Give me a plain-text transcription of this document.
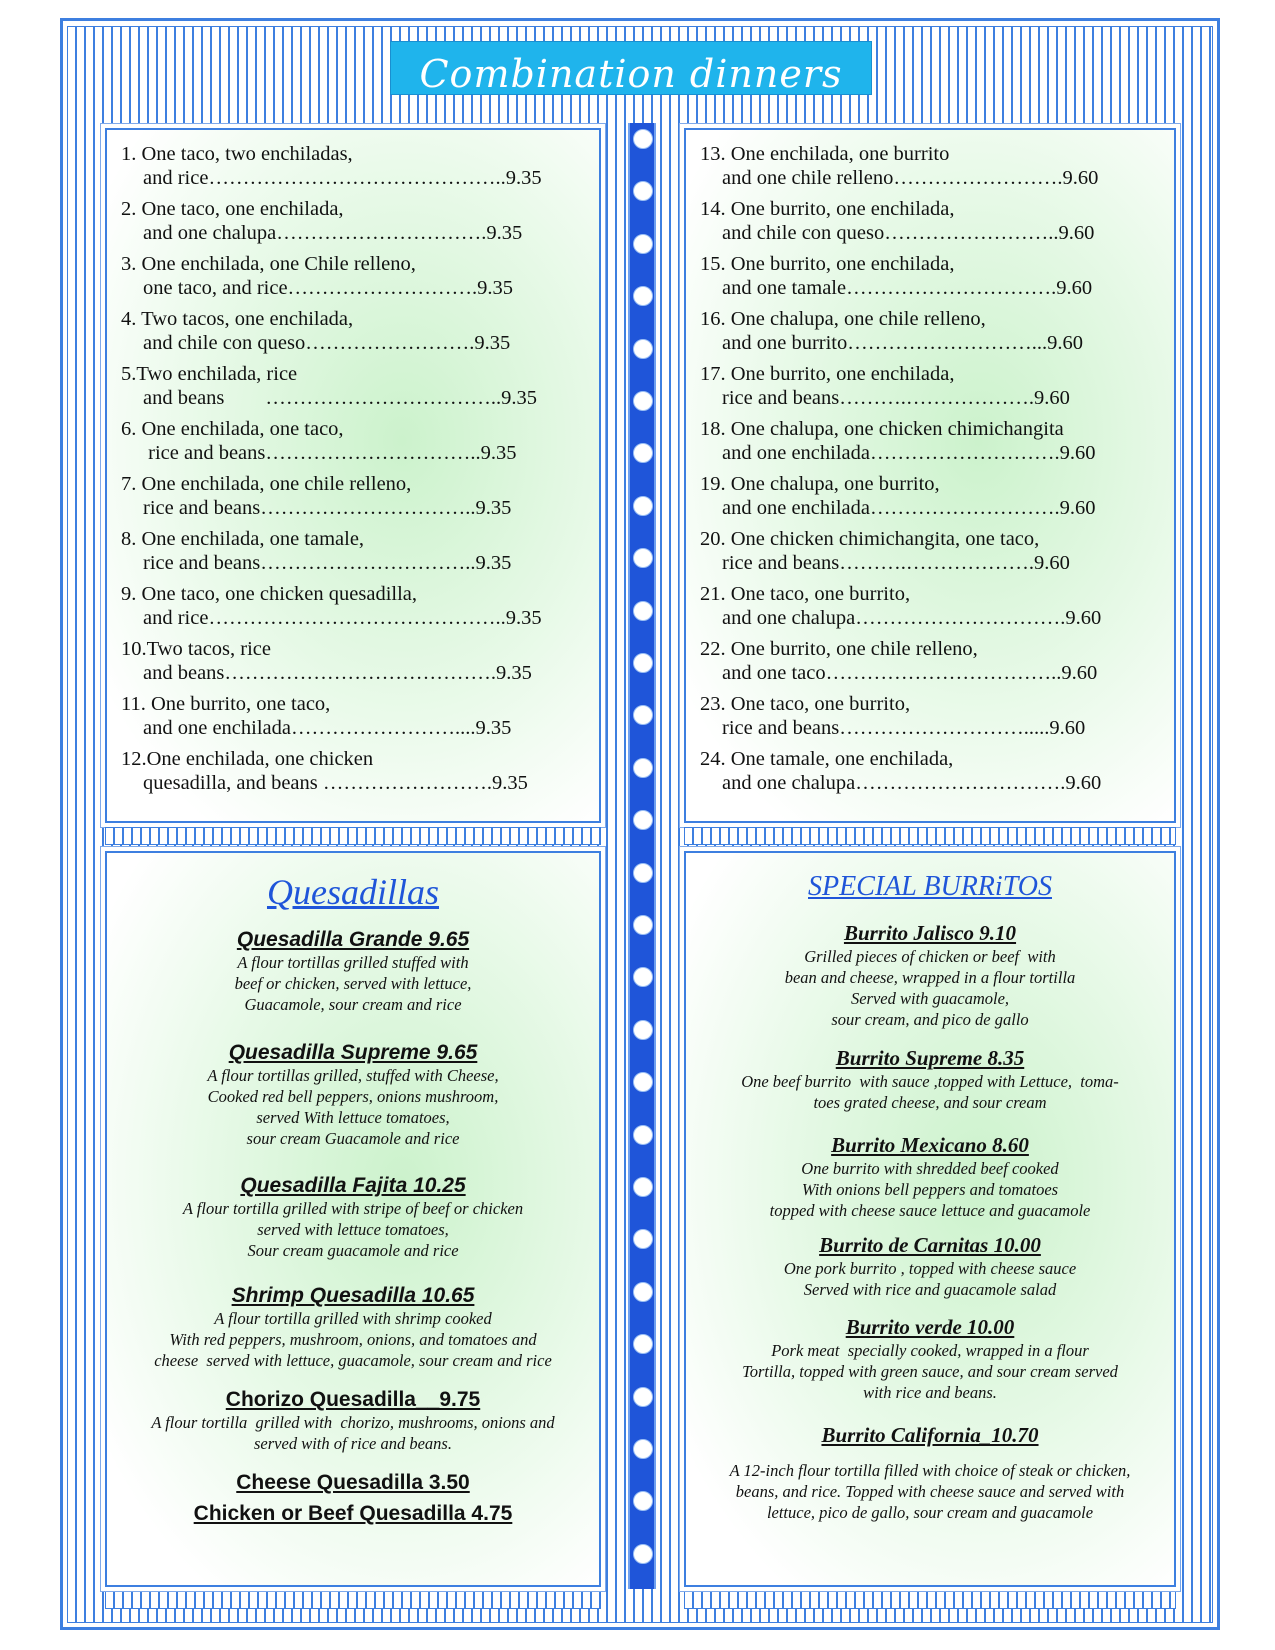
Combination dinners
1. One taco, two enchiladas,
and rice……………………………………..9.35
2. One taco, one enchilada,
and one chalupa………………………….9.35
3. One enchilada, one Chile relleno,
one taco, and rice……………………….9.35
4. Two tacos, one enchilada,
and chile con queso…………………….9.35
5.Two enchilada, rice
and beans        ……………………………..9.35
6. One enchilada, one taco,
rice and beans…………………………..9.35
7. One enchilada, one chile relleno,
rice and beans…………………………..9.35
8. One enchilada, one tamale,
rice and beans…………………………..9.35
9. One taco, one chicken quesadilla,
and rice……………………………………..9.35
10.Two tacos, rice
and beans………………………………….9.35
11. One burrito, one taco,
and one enchilada……………………....9.35
12.One enchilada, one chicken
quesadilla, and beans …………………….9.35
13. One enchilada, one burrito
and one chile relleno…………………….9.60
14. One burrito, one enchilada,
and chile con queso……………………..9.60
15. One burrito, one enchilada,
and one tamale………………………….9.60
16. One chalupa, one chile relleno,
and one burrito………………………...9.60
17. One burrito, one enchilada,
rice and beans……….……………….9.60
18. One chalupa, one chicken chimichangita
and one enchilada……………………….9.60
19. One chalupa, one burrito,
and one enchilada……………………….9.60
20. One chicken chimichangita, one taco,
rice and beans……….……………….9.60
21. One taco, one burrito,
and one chalupa………………………….9.60
22. One burrito, one chile relleno,
and one taco……………………………..9.60
23. One taco, one burrito,
rice and beans……………………….....9.60
24. One tamale, one enchilada,
and one chalupa………………………….9.60
Quesadillas
Quesadilla Grande 9.65
A flour tortillas grilled stuffed with
beef or chicken, served with lettuce,
Guacamole, sour cream and rice
Quesadilla Supreme 9.65
A flour tortillas grilled, stuffed with Cheese,
Cooked red bell peppers, onions mushroom,
served With lettuce tomatoes,
sour cream Guacamole and rice
Quesadilla Fajita 10.25
A flour tortilla grilled with stripe of beef or chicken
served with lettuce tomatoes,
Sour cream guacamole and rice
Shrimp Quesadilla 10.65
A flour tortilla grilled with shrimp cooked
With red peppers, mushroom, onions, and tomatoes and
cheese  served with lettuce, guacamole, sour cream and rice
Chorizo Quesadilla__9.75
A flour tortilla  grilled with  chorizo, mushrooms, onions and
served with of rice and beans.
Cheese Quesadilla 3.50
Chicken or Beef Quesadilla 4.75
SPECIAL BURRiTOS
Burrito Jalisco 9.10
Grilled pieces of chicken or beef  with
bean and cheese, wrapped in a flour tortilla
Served with guacamole,
sour cream, and pico de gallo
Burrito Supreme 8.35
One beef burrito  with sauce ,topped with Lettuce,  toma-
toes grated cheese, and sour cream
Burrito Mexicano 8.60
One burrito with shredded beef cooked
With onions bell peppers and tomatoes
topped with cheese sauce lettuce and guacamole
Burrito de Carnitas 10.00
One pork burrito , topped with cheese sauce
Served with rice and guacamole salad
Burrito verde 10.00
Pork meat  specially cooked, wrapped in a flour
Tortilla, topped with green sauce, and sour cream served
with rice and beans.
Burrito California_10.70
A 12-inch flour tortilla filled with choice of steak or chicken,
beans, and rice. Topped with cheese sauce and served with
lettuce, pico de gallo, sour cream and guacamole
